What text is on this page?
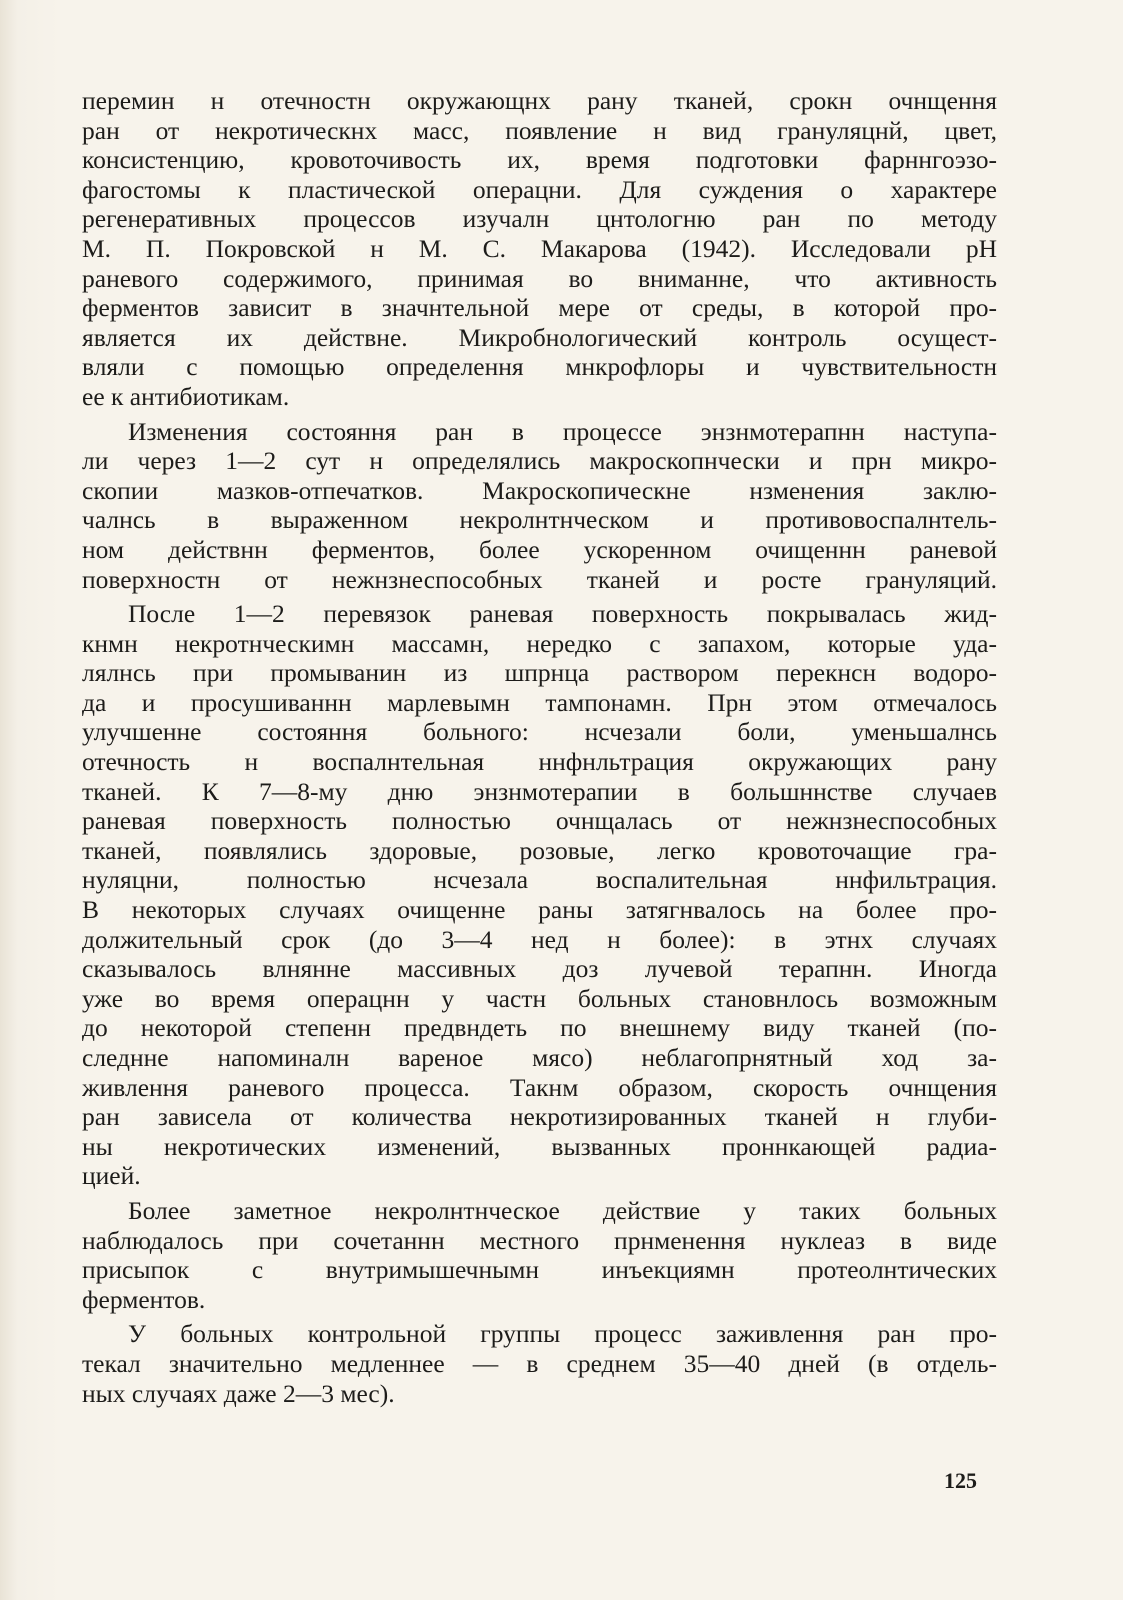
перемин н отечностн окружающнх рану тканей, срокн очнщення
ран от некротическнх масс, появление н вид грануляцнй, цвет,
консистенцию, кровоточивость их, время подготовки фарннгоэзо-
фагостомы к пластической операцни. Для суждения о характере
регенеративных процессов изучалн цнтологню ран по методу
М. П. Покровской н М. С. Макарова (1942). Исследовали рН
раневого содержимого, принимая во вниманне, что активность
ферментов зависит в значнтельной мере от среды, в которой про-
является их действне. Микробнологический контроль осущест-
вляли с помощью определення мнкрофлоры и чувствительностн
ее к антибиотикам.
Изменения состояння ран в процессе энзнмотерапнн наступа-
ли через 1—2 сут н определялись макроскопнчески и прн микро-
скопии мазков-отпечатков. Макроскопическне нзменения заклю-
чалнсь в выраженном некролнтнческом и противовоспалнтель-
ном действнн ферментов, более ускоренном очищеннн раневой
поверхностн от нежнзнеспособных тканей и росте грануляций.
После 1—2 перевязок раневая поверхность покрывалась жид-
кнмн некротнческимн массамн, нередко с запахом, которые уда-
лялнсь при промыванин из шпрнца раствором перекнсн водоро-
да и просушиваннн марлевымн тампонамн. Прн этом отмечалось
улучшенне состояння больного: нсчезали боли, уменьшалнсь
отечность н воспалнтельная ннфнльтрация окружающих рану
тканей. К 7—8-му дню энзнмотерапии в большннстве случаев
раневая поверхность полностью очнщалась от нежнзнеспособных
тканей, появлялись здоровые, розовые, легко кровоточащие гра-
нуляцни, полностью нсчезала воспалительная ннфильтрация.
В некоторых случаях очищенне раны затягнвалось на более про-
должительный срок (до 3—4 нед н более): в этнх случаях
сказывалось влнянне массивных доз лучевой терапнн. Иногда
уже во время операцнн у частн больных становнлось возможным
до некоторой степенн предвндеть по внешнему виду тканей (по-
следнне напоминалн вареное мясо) неблагопрнятный ход за-
живлення раневого процесса. Такнм образом, скорость очнщения
ран зависела от количества некротизированных тканей н глуби-
ны некротических изменений, вызванных проннкающей радиа-
цией.
Более заметное некролнтнческое действие у таких больных
наблюдалось при сочетаннн местного прнменення нуклеаз в виде
присыпок с внутримышечнымн инъекциямн протеолнтических
ферментов.
У больных контрольной группы процесс заживлення ран про-
текал значительно медленнее — в среднем 35—40 дней (в отдель-
ных случаях даже 2—3 мес).
125
